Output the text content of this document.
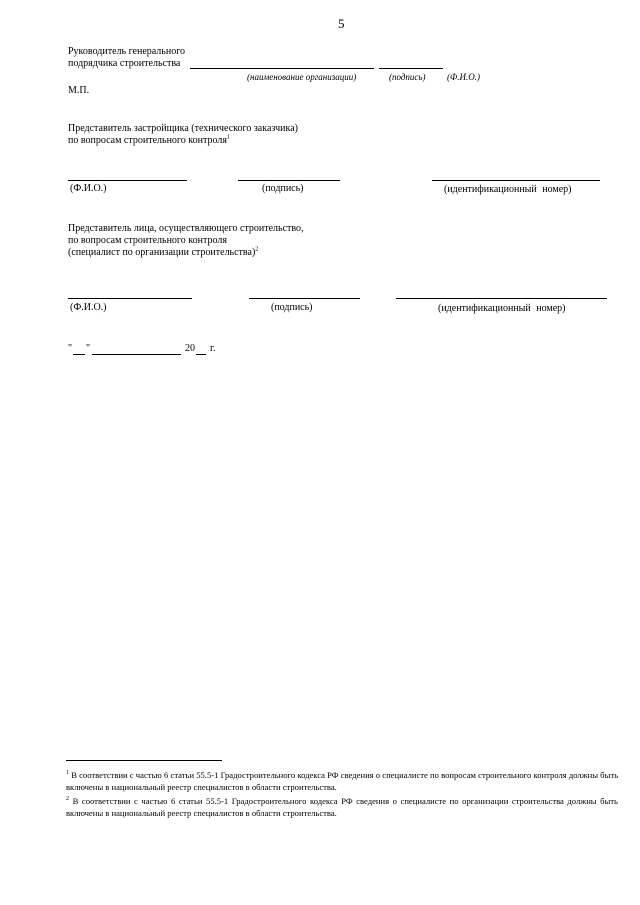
5
Руководитель генерального
подрядчика строительства
(наименование организации)	(подпись) (Ф.И.О.)
М.П.
Представитель застройщика (технического заказчика)
по вопросам строительного контроля$^1$
(Ф.И.О.)	(подпись)	(идентификационный номер)
Представитель лица, осуществляющего строительство,
по вопросам строительного контроля
(специалист по организации строительства)$^2$
(Ф.И.О.)	(подпись)	(идентификационный номер)
" "	20 г.
$^1$ В соответствии с частью 6 статьи 55.5-1 Градостроительного кодекса РФ сведения о специалисте по вопросам строительного контроля должны быть включены в национальный реестр специалистов в области строительства.
$^2$ В соответствии с частью 6 статьи 55.5-1 Градостроительного кодекса РФ сведения о специалисте по организации строительства должны быть включены в национальный реестр специалистов в области строительства.
